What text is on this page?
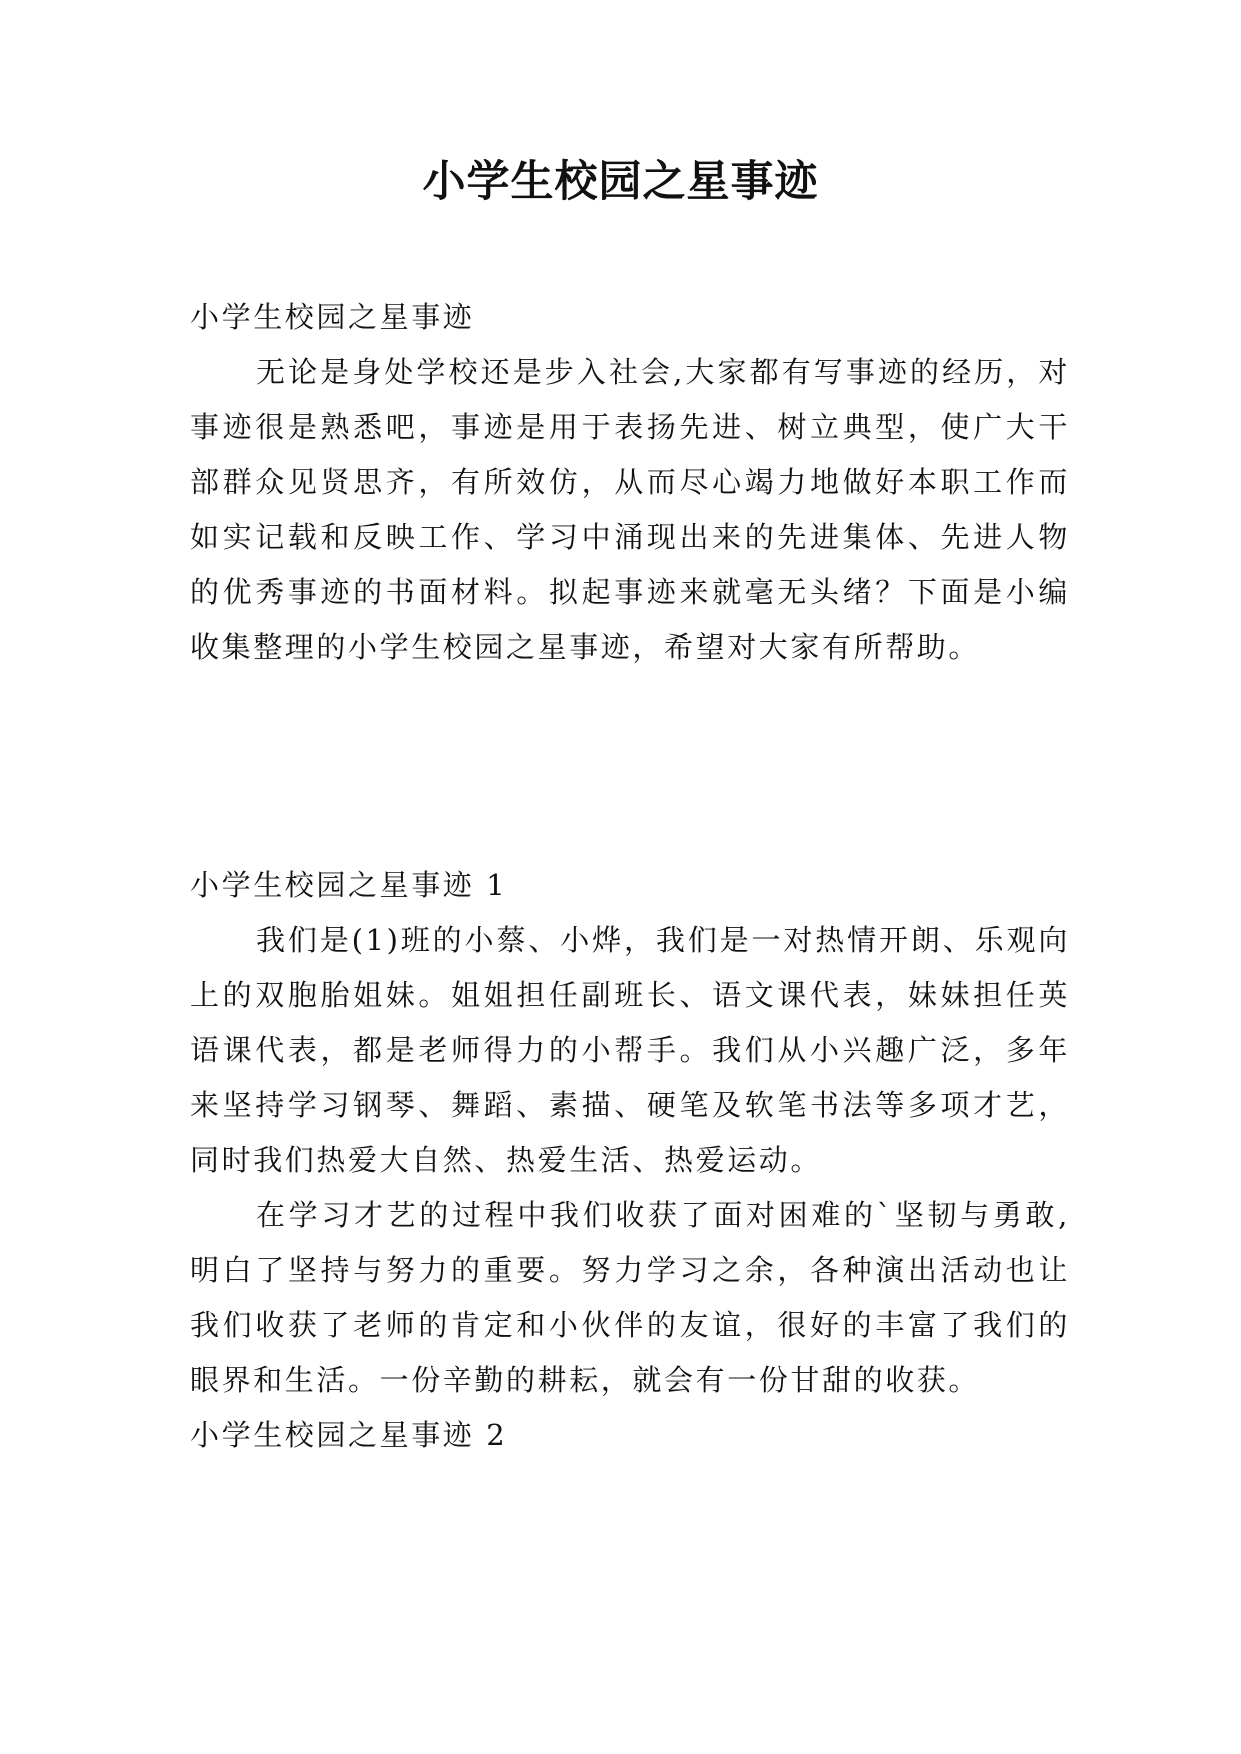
小学生校园之星事迹
小学生校园之星事迹

无论是身处学校还是步入社会,大家都有写事迹的经历，对事迹很是熟悉吧，事迹是用于表扬先进、树立典型，使广大干部群众见贤思齐，有所效仿，从而尽心竭力地做好本职工作而如实记载和反映工作、学习中涌现出来的先进集体、先进人物的优秀事迹的书面材料。拟起事迹来就毫无头绪？下面是小编收集整理的小学生校园之星事迹，希望对大家有所帮助。

小学生校园之星事迹 1

我们是(1)班的小蔡、小烨，我们是一对热情开朗、乐观向上的双胞胎姐妹。姐姐担任副班长、语文课代表，妹妹担任英语课代表，都是老师得力的小帮手。我们从小兴趣广泛，多年来坚持学习钢琴、舞蹈、素描、硬笔及软笔书法等多项才艺，同时我们热爱大自然、热爱生活、热爱运动。

在学习才艺的过程中我们收获了面对困难的`坚韧与勇敢,明白了坚持与努力的重要。努力学习之余，各种演出活动也让我们收获了老师的肯定和小伙伴的友谊，很好的丰富了我们的眼界和生活。一份辛勤的耕耘，就会有一份甘甜的收获。

小学生校园之星事迹 2
